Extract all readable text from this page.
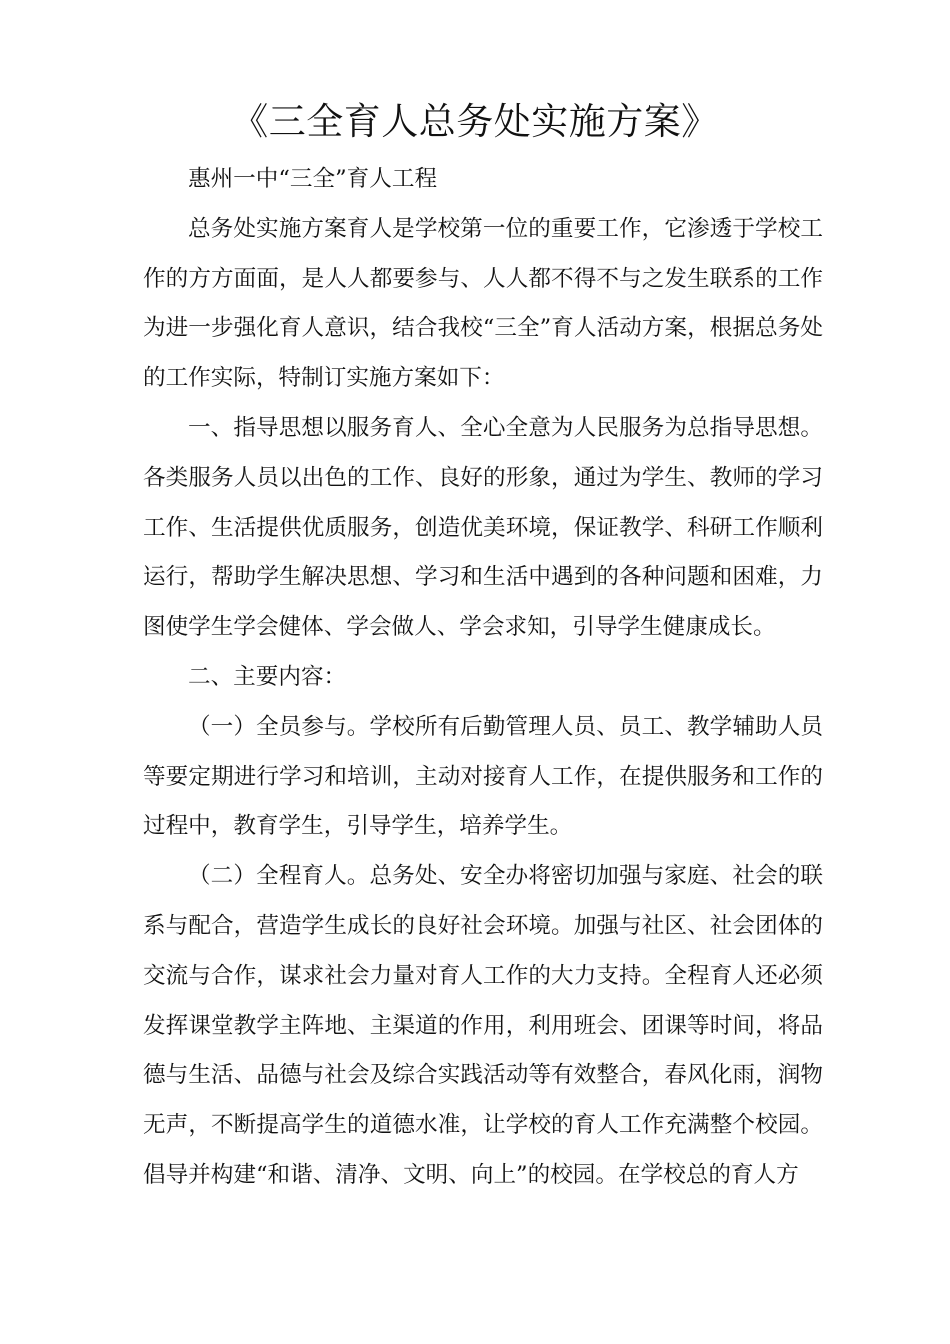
《三全育人总务处实施方案》

惠州一中“三全”育人工程

总务处实施方案育人是学校第一位的重要工作，它渗透于学校工作的方方面面，是人人都要参与、人人都不得不与之发生联系的工作为进一步强化育人意识，结合我校“三全”育人活动方案，根据总务处的工作实际，特制订实施方案如下：

一、指导思想以服务育人、全心全意为人民服务为总指导思想。各类服务人员以出色的工作、良好的形象，通过为学生、教师的学习工作、生活提供优质服务，创造优美环境，保证教学、科研工作顺利运行，帮助学生解决思想、学习和生活中遇到的各种问题和困难，力图使学生学会健体、学会做人、学会求知，引导学生健康成长。

二、主要内容：

（一）全员参与。学校所有后勤管理人员、员工、教学辅助人员等要定期进行学习和培训，主动对接育人工作，在提供服务和工作的过程中，教育学生，引导学生，培养学生。

（二）全程育人。总务处、安全办将密切加强与家庭、社会的联系与配合，营造学生成长的良好社会环境。加强与社区、社会团体的交流与合作，谋求社会力量对育人工作的大力支持。全程育人还必须发挥课堂教学主阵地、主渠道的作用，利用班会、团课等时间，将品德与生活、品德与社会及综合实践活动等有效整合，春风化雨，润物无声，不断提高学生的道德水准，让学校的育人工作充满整个校园。倡导并构建“和谐、清净、文明、向上”的校园。在学校总的育人方
